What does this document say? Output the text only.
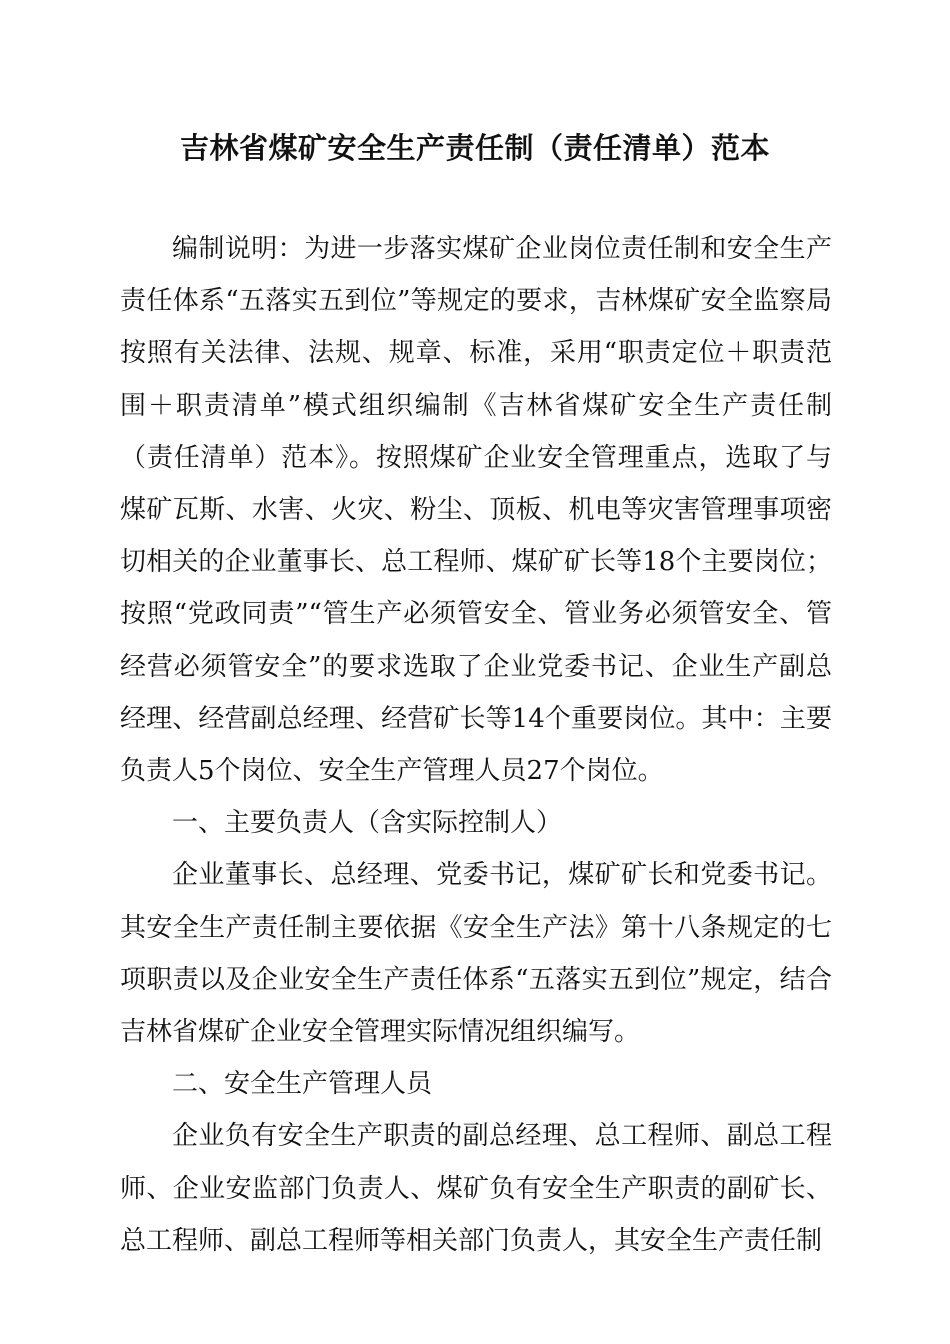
吉林省煤矿安全生产责任制（责任清单）范本

编制说明：为进一步落实煤矿企业岗位责任制和安全生产责任体系“五落实五到位”等规定的要求，吉林煤矿安全监察局按照有关法律、法规、规章、标准，采用“职责定位＋职责范围＋职责清单”模式组织编制《吉林省煤矿安全生产责任制（责任清单）范本》。按照煤矿企业安全管理重点，选取了与煤矿瓦斯、水害、火灾、粉尘、顶板、机电等灾害管理事项密切相关的企业董事长、总工程师、煤矿矿长等18个主要岗位；按照“党政同责”“管生产必须管安全、管业务必须管安全、管经营必须管安全”的要求选取了企业党委书记、企业生产副总经理、经营副总经理、经营矿长等14个重要岗位。其中：主要负责人5个岗位、安全生产管理人员27个岗位。

一、主要负责人（含实际控制人）

企业董事长、总经理、党委书记，煤矿矿长和党委书记。其安全生产责任制主要依据《安全生产法》第十八条规定的七项职责以及企业安全生产责任体系“五落实五到位”规定，结合吉林省煤矿企业安全管理实际情况组织编写。

二、安全生产管理人员

企业负有安全生产职责的副总经理、总工程师、副总工程师、企业安监部门负责人、煤矿负有安全生产职责的副矿长、总工程师、副总工程师等相关部门负责人，其安全生产责任制
